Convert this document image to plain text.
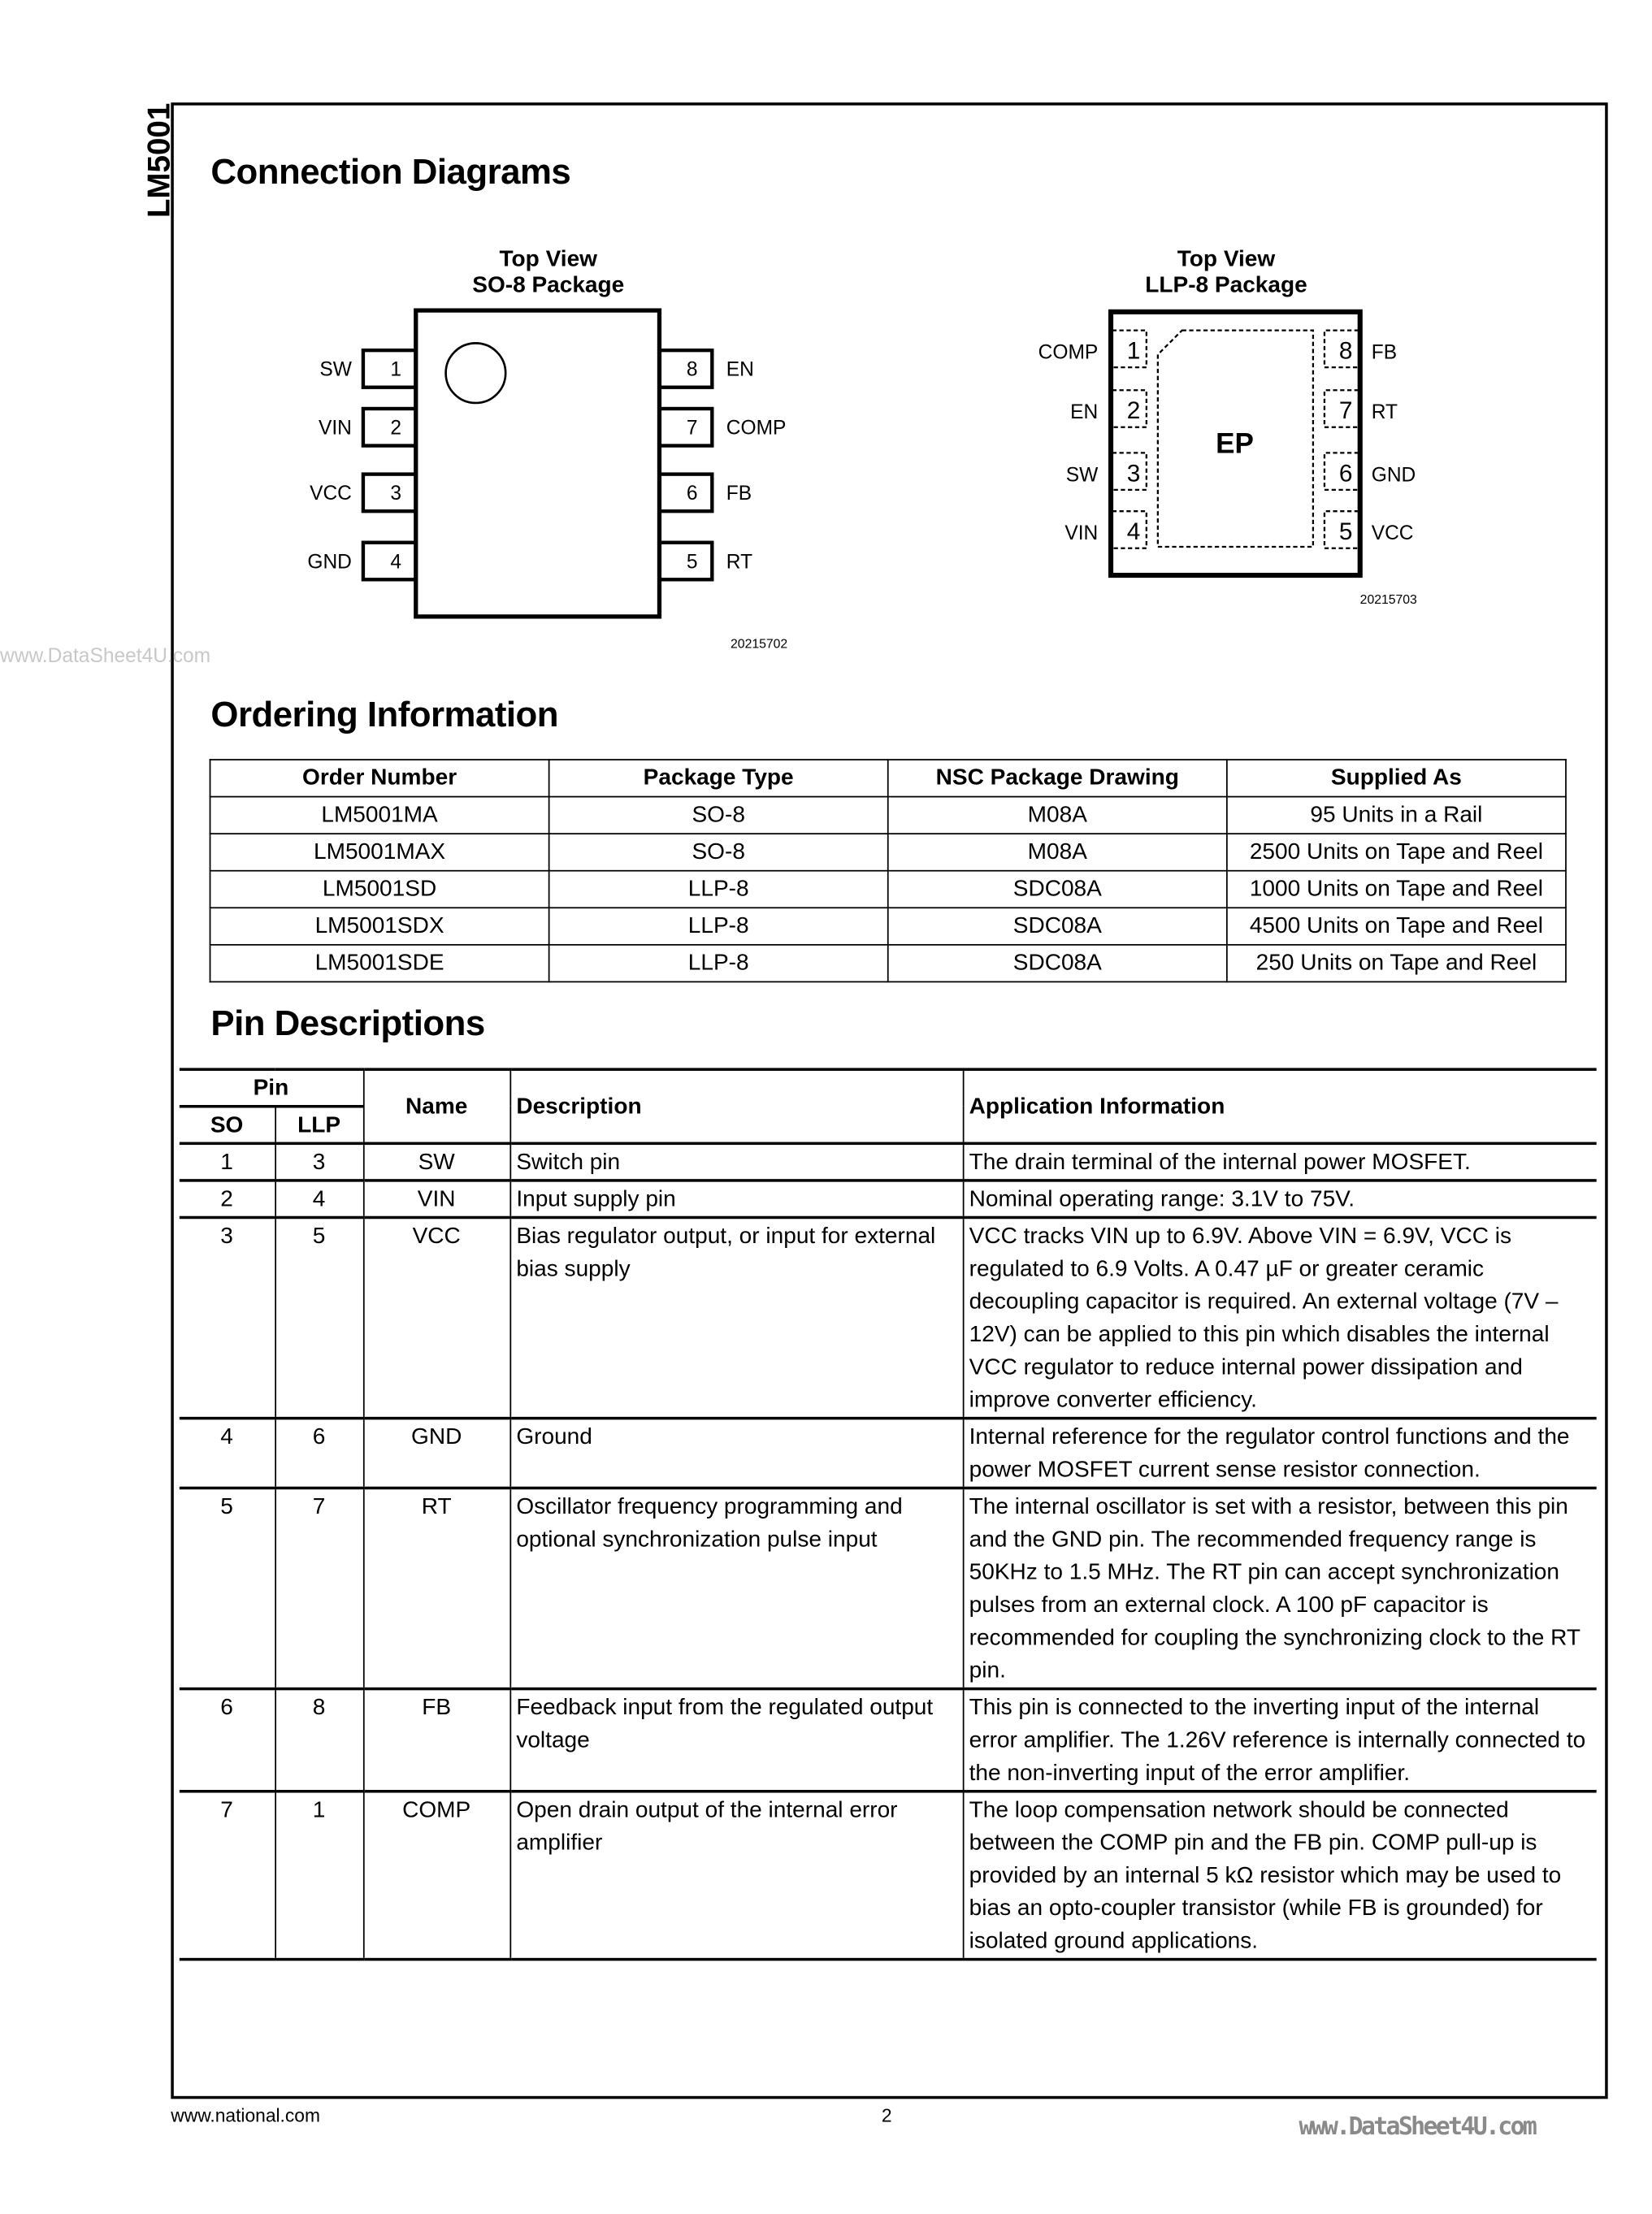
LM5001
www.DataSheet4U.com
Connection Diagrams
Top View
SO-8 Package
1
SW	8	EN
2
VIN	7	COMP
3
VCC	6	FB
4
GND	5	RT
20215702
Top View
LLP-8 Package
EP
1
COMP	8 FB
2
EN	7 RT
3
SW	6 GND
4
VIN	5 VCC
20215703
Ordering Information
Order Number	Package Type	NSC Package Drawing	Supplied As
LM5001MA	SO-8	M08A	95 Units in a Rail
LM5001MAX	SO-8	M08A	2500 Units on Tape and Reel
LM5001SD	LLP-8	SDC08A	1000 Units on Tape and Reel
LM5001SDX	LLP-8	SDC08A	4500 Units on Tape and Reel
LM5001SDE	LLP-8	SDC08A	250 Units on Tape and Reel
Pin Descriptions
Pin		Name	Description	Application Information
SO	LLP			
1	3	SW	Switch pin	The drain terminal of the internal power MOSFET.
2	4	VIN	Input supply pin	Nominal operating range: 3.1V to 75V.
3	5	VCC	Bias regulator output, or input for external bias supply	VCC tracks VIN up to 6.9V. Above VIN = 6.9V, VCC is regulated to 6.9 Volts. A 0.47 µF or greater ceramic decoupling capacitor is required. An external voltage (7V – 12V) can be applied to this pin which disables the internal VCC regulator to reduce internal power dissipation and improve converter efficiency.
4	6	GND	Ground	Internal reference for the regulator control functions and the power MOSFET current sense resistor connection.
5	7	RT	Oscillator frequency programming and optional synchronization pulse input	The internal oscillator is set with a resistor, between this pin and the GND pin. The recommended frequency range is 50KHz to 1.5 MHz. The RT pin can accept synchronization pulses from an external clock. A 100 pF capacitor is recommended for coupling the synchronizing clock to the RT pin.
6	8	FB	Feedback input from the regulated output voltage	This pin is connected to the inverting input of the internal error amplifier. The 1.26V reference is internally connected to the non-inverting input of the error amplifier.
7	1	COMP	Open drain output of the internal error amplifier	The loop compensation network should be connected between the COMP pin and the FB pin. COMP pull-up is provided by an internal 5 kΩ resistor which may be used to bias an opto-coupler transistor (while FB is grounded) for isolated ground applications.
www.national.com	2	www.DataSheet4U.com
